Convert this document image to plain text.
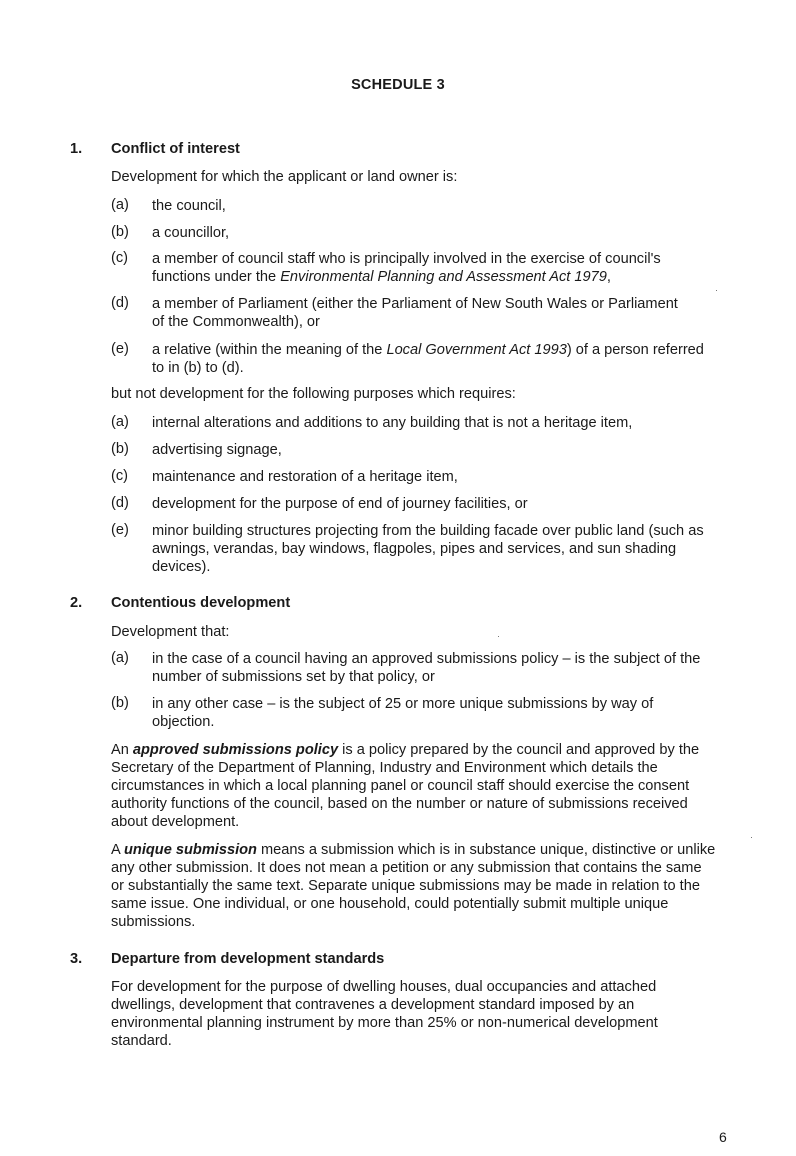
SCHEDULE 3
1. Conflict of interest
Development for which the applicant or land owner is:
(a) the council,
(b) a councillor,
(c) a member of council staff who is principally involved in the exercise of council's functions under the Environmental Planning and Assessment Act 1979,
(d) a member of Parliament (either the Parliament of New South Wales or Parliament of the Commonwealth), or
(e) a relative (within the meaning of the Local Government Act 1993) of a person referred to in (b) to (d).
but not development for the following purposes which requires:
(a) internal alterations and additions to any building that is not a heritage item,
(b) advertising signage,
(c) maintenance and restoration of a heritage item,
(d) development for the purpose of end of journey facilities, or
(e) minor building structures projecting from the building facade over public land (such as awnings, verandas, bay windows, flagpoles, pipes and services, and sun shading devices).
2. Contentious development
Development that:
(a) in the case of a council having an approved submissions policy – is the subject of the number of submissions set by that policy, or
(b) in any other case – is the subject of 25 or more unique submissions by way of objection.
An approved submissions policy is a policy prepared by the council and approved by the Secretary of the Department of Planning, Industry and Environment which details the circumstances in which a local planning panel or council staff should exercise the consent authority functions of the council, based on the number or nature of submissions received about development.
A unique submission means a submission which is in substance unique, distinctive or unlike any other submission. It does not mean a petition or any submission that contains the same or substantially the same text. Separate unique submissions may be made in relation to the same issue. One individual, or one household, could potentially submit multiple unique submissions.
3. Departure from development standards
For development for the purpose of dwelling houses, dual occupancies and attached dwellings, development that contravenes a development standard imposed by an environmental planning instrument by more than 25% or non-numerical development standard.
6
